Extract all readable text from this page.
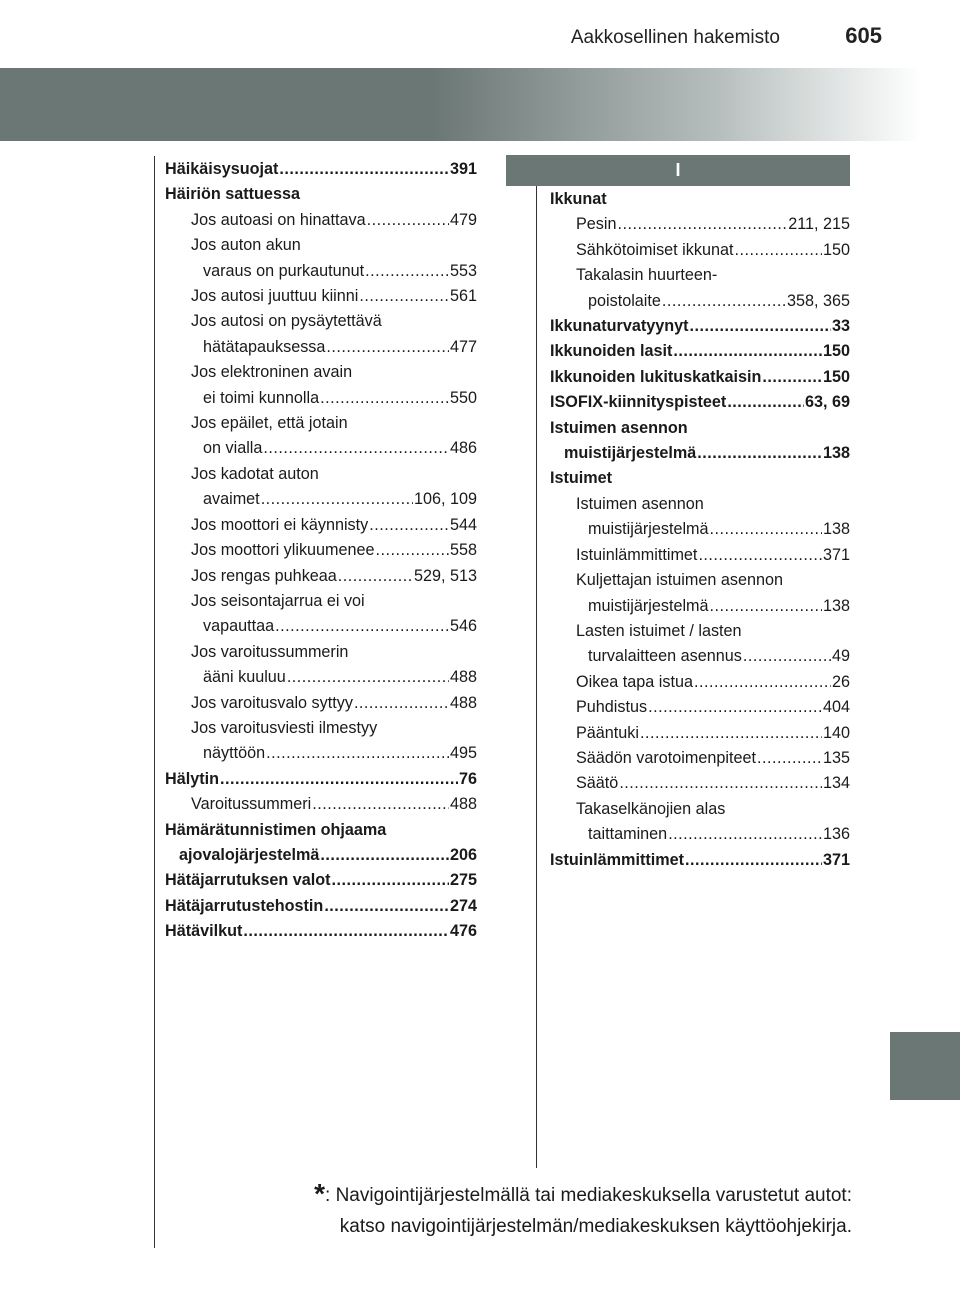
Aakkosellinen hakemisto	605
I
Häikäisysuojat .....	391
Häiriön sattuessa
Jos autoasi on hinattava .....	479
Jos auton akun
varaus on purkautunut .....	553
Jos autosi juuttuu kiinni .....	561
Jos autosi on pysäytettävä
hätätapauksessa .....	477
Jos elektroninen avain
ei toimi kunnolla .....	550
Jos epäilet, että jotain
on vialla .....	486
Jos kadotat auton
avaimet .....	106, 109
Jos moottori ei käynnisty .....	544
Jos moottori ylikuumenee .....	558
Jos rengas puhkeaa .....	529, 513
Jos seisontajarrua ei voi
vapauttaa .....	546
Jos varoitussummerin
ääni kuuluu .....	488
Jos varoitusvalo syttyy .....	488
Jos varoitusviesti ilmestyy
näyttöön .....	495
Hälytin .....	76
Varoitussummeri .....	488
Hämärätunnistimen ohjaama
ajovalojärjestelmä .....	206
Hätäjarrutuksen valot .....	275
Hätäjarrutustehostin .....	274
Hätävilkut .....	476
Ikkunat
Pesin .....	211, 215
Sähkötoimiset ikkunat .....	150
Takalasin huurteen-
poistolaite .....	358, 365
Ikkunaturvatyynyt .....	33
Ikkunoiden lasit .....	150
Ikkunoiden lukituskatkaisin .....	150
ISOFIX-kiinnityspisteet .....	63, 69
Istuimen asennon
muistijärjestelmä .....	138
Istuimet
Istuimen asennon
muistijärjestelmä .....	138
Istuinlämmittimet .....	371
Kuljettajan istuimen asennon
muistijärjestelmä .....	138
Lasten istuimet / lasten
turvalaitteen asennus .....	49
Oikea tapa istua .....	26
Puhdistus .....	404
Pääntuki .....	140
Säädön varotoimenpiteet .....	135
Säätö .....	134
Takaselkänojien alas
taittaminen .....	136
Istuinlämmittimet .....	371
*: Navigointijärjestelmällä tai mediakeskuksella varustetut autot:
katso navigointijärjestelmän/mediakeskuksen käyttöohjekirja.
